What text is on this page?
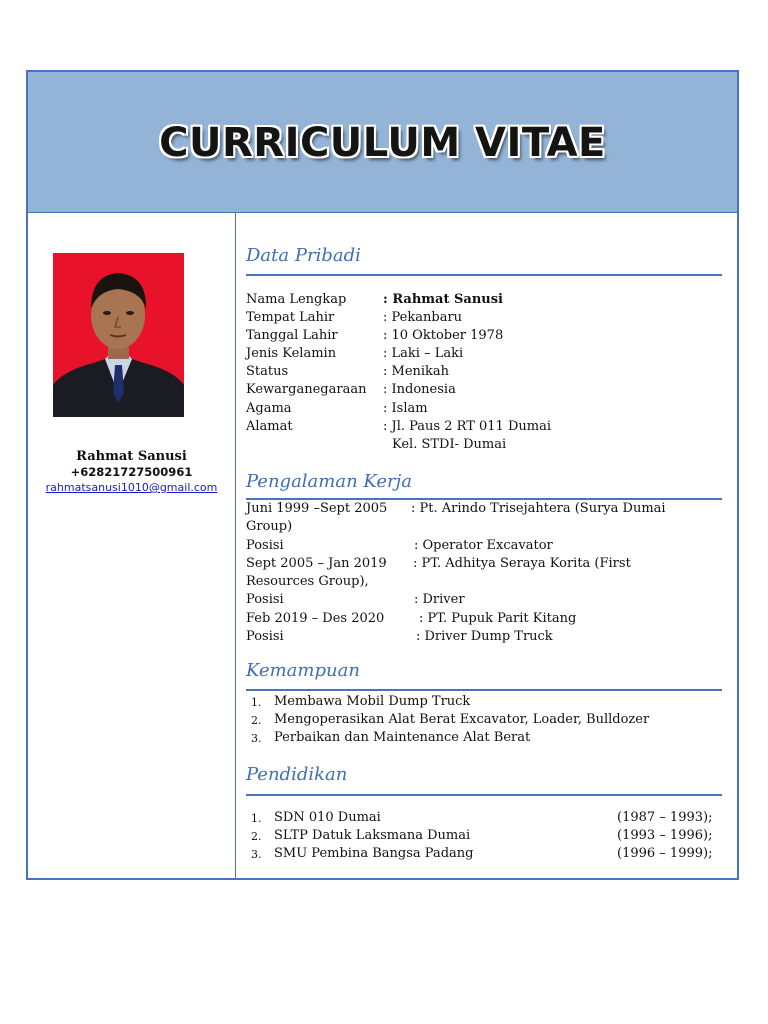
CURRICULUM VITAE
Rahmat Sanusi
+62821727500961
rahmatsanusi1010@gmail.com
Data Pribadi
Nama Lengkap	: Rahmat Sanusi
Tempat Lahir	: Pekanbaru
Tanggal Lahir	: 10 Oktober 1978
Jenis Kelamin	: Laki – Laki
Status	: Menikah
Kewarganegaraan : Indonesia
Agama	: Islam
Alamat	: Jl. Paus 2 RT 011 Dumai
Kel. STDI- Dumai
Pengalaman Kerja
Juni 1999 –Sept 2005 : Pt. Arindo Trisejahtera (Surya Dumai
Group)
Posisi	: Operator Excavator
Sept 2005 – Jan 2019 : PT. Adhitya Seraya Korita (First
Resources Group),
Posisi	: Driver
Feb 2019 – Des 2020	: PT. Pupuk Parit Kitang
Posisi	: Driver Dump Truck
Kemampuan
1. Membawa Mobil Dump Truck
2. Mengoperasikan Alat Berat Excavator, Loader, Bulldozer
3. Perbaikan dan Maintenance Alat Berat
Pendidikan
1. SDN 010 Dumai	(1987 – 1993);
2. SLTP Datuk Laksmana Dumai	(1993 – 1996);
3. SMU Pembina Bangsa Padang	(1996 – 1999);
